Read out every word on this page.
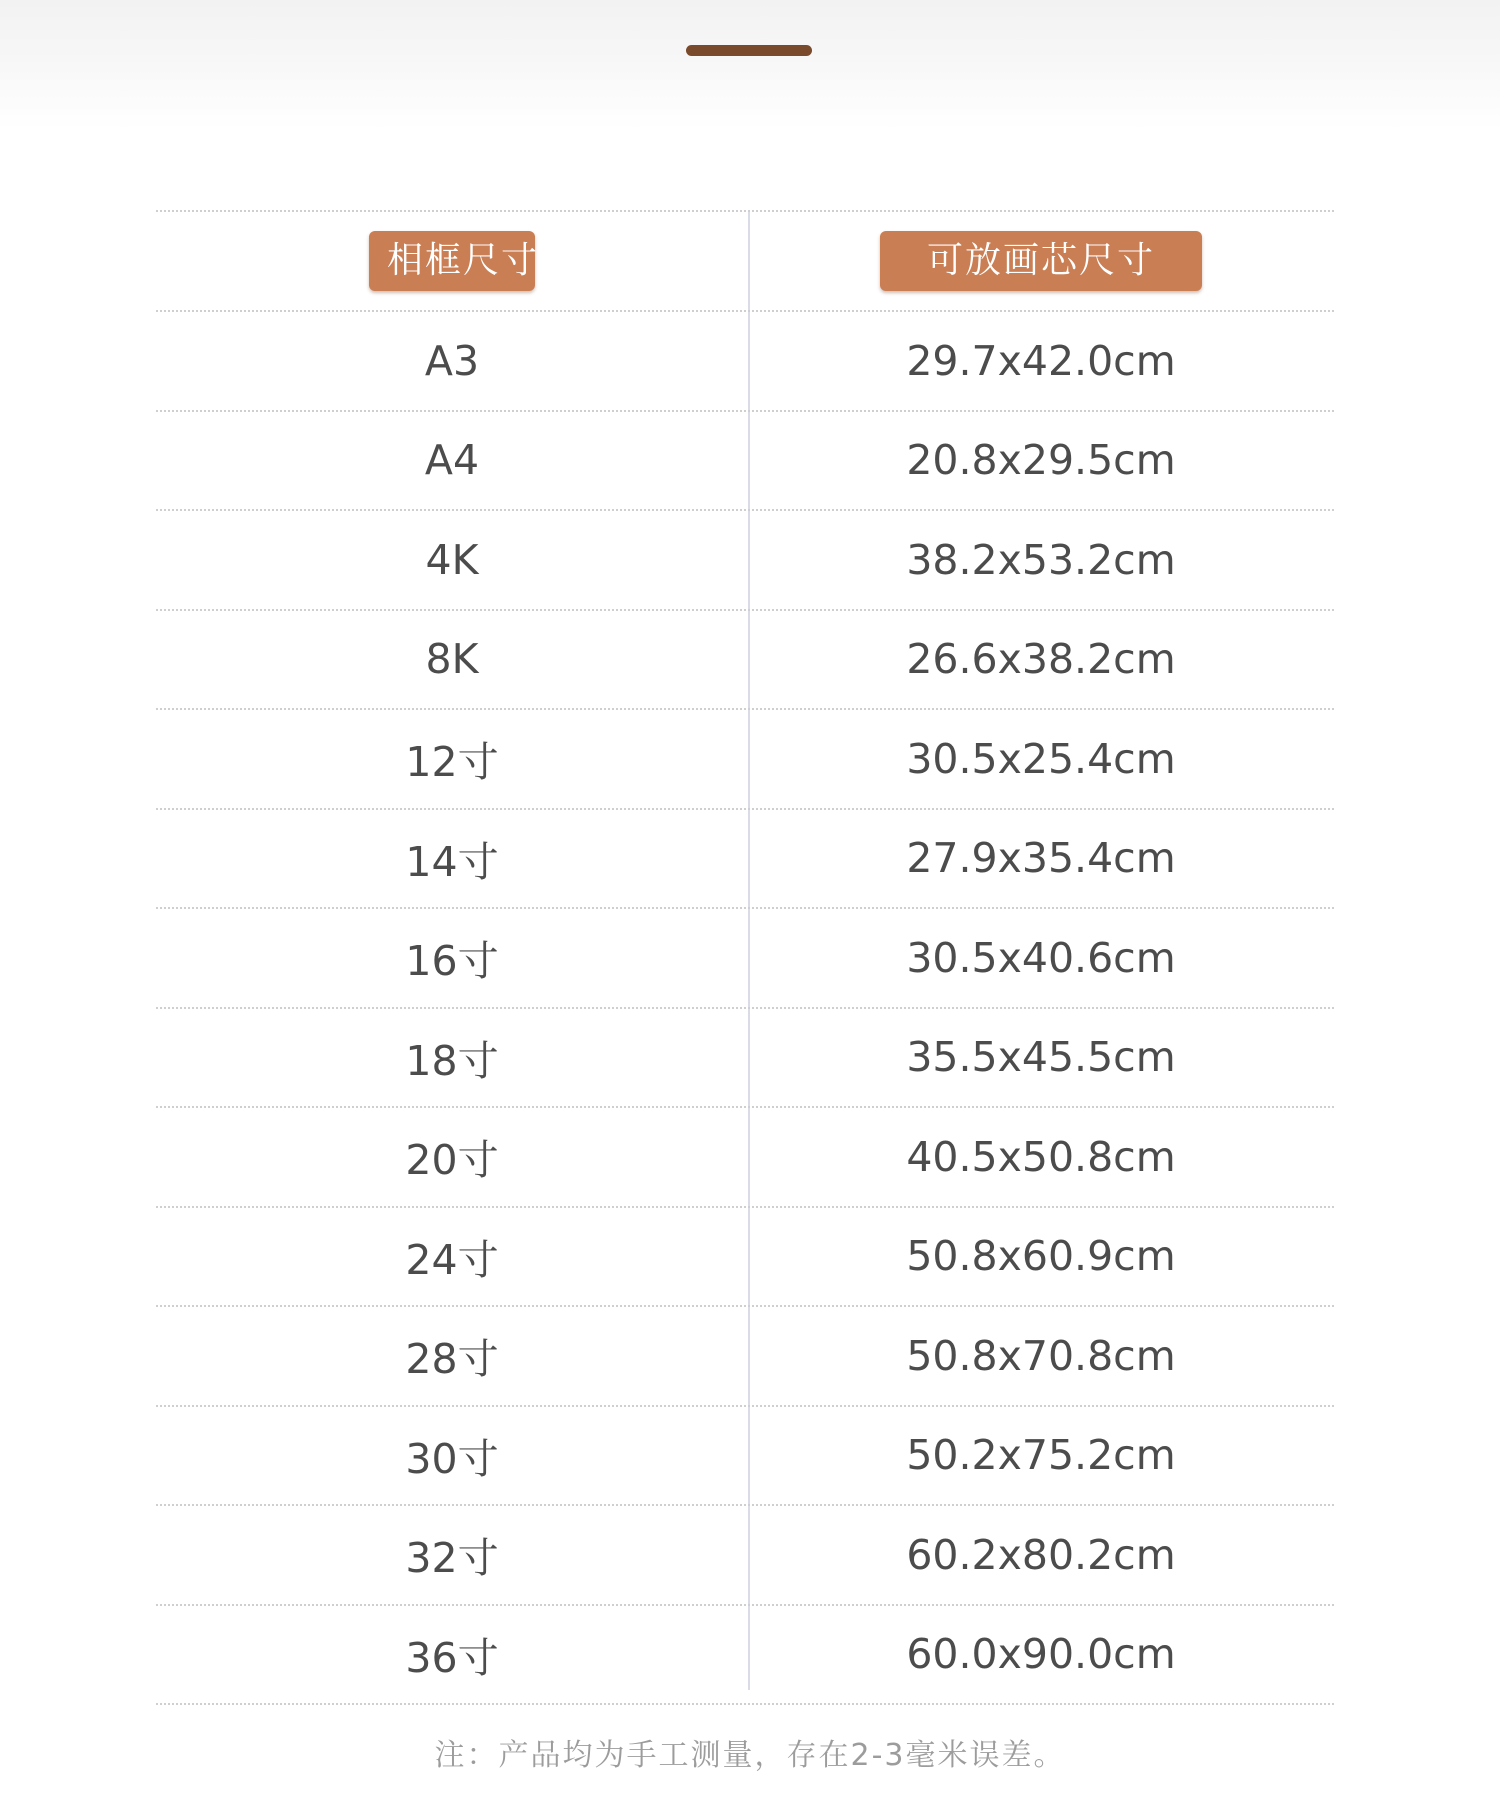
相框尺寸	可放画芯尺寸
A3	29.7x42.0cm
A4	20.8x29.5cm
4K	38.2x53.2cm
8K	26.6x38.2cm
12寸	30.5x25.4cm
14寸	27.9x35.4cm
16寸	30.5x40.6cm
18寸	35.5x45.5cm
20寸	40.5x50.8cm
24寸	50.8x60.9cm
28寸	50.8x70.8cm
30寸	50.2x75.2cm
32寸	60.2x80.2cm
36寸	60.0x90.0cm
注：产品均为手工测量，存在2-3毫米误差。
